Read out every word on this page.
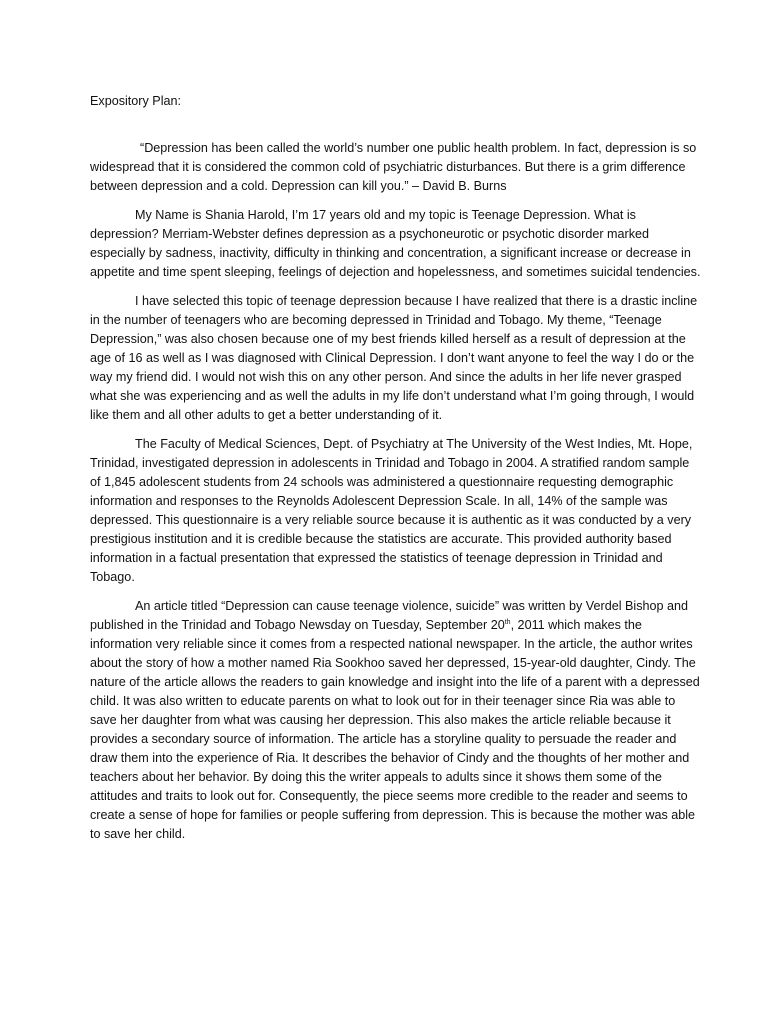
Expository Plan:

“Depression has been called the world’s number one public health problem. In fact, depression is so widespread that it is considered the common cold of psychiatric disturbances. But there is a grim difference between depression and a cold. Depression can kill you.” – David B. Burns

My Name is Shania Harold, I’m 17 years old and my topic is Teenage Depression. What is depression? Merriam-Webster defines depression as a psychoneurotic or psychotic disorder marked especially by sadness, inactivity, difficulty in thinking and concentration, a significant increase or decrease in appetite and time spent sleeping, feelings of dejection and hopelessness, and sometimes suicidal tendencies.

I have selected this topic of teenage depression because I have realized that there is a drastic incline in the number of teenagers who are becoming depressed in Trinidad and Tobago. My theme, “Teenage Depression,” was also chosen because one of my best friends killed herself as a result of depression at the age of 16 as well as I was diagnosed with Clinical Depression. I don’t want anyone to feel the way I do or the way my friend did. I would not wish this on any other person. And since the adults in her life never grasped what she was experiencing and as well the adults in my life don’t understand what I’m going through, I would like them and all other adults to get a better understanding of it.

The Faculty of Medical Sciences, Dept. of Psychiatry at The University of the West Indies, Mt. Hope, Trinidad, investigated depression in adolescents in Trinidad and Tobago in 2004. A stratified random sample of 1,845 adolescent students from 24 schools was administered a questionnaire requesting demographic information and responses to the Reynolds Adolescent Depression Scale. In all, 14% of the sample was depressed. This questionnaire is a very reliable source because it is authentic as it was conducted by a very prestigious institution and it is credible because the statistics are accurate. This provided authority based information in a factual presentation that expressed the statistics of teenage depression in Trinidad and Tobago.

An article titled “Depression can cause teenage violence, suicide” was written by Verdel Bishop and published in the Trinidad and Tobago Newsday on Tuesday, September 20th, 2011 which makes the information very reliable since it comes from a respected national newspaper. In the article, the author writes about the story of how a mother named Ria Sookhoo saved her depressed, 15-year-old daughter, Cindy. The nature of the article allows the readers to gain knowledge and insight into the life of a parent with a depressed child. It was also written to educate parents on what to look out for in their teenager since Ria was able to save her daughter from what was causing her depression. This also makes the article reliable because it provides a secondary source of information. The article has a storyline quality to persuade the reader and draw them into the experience of Ria. It describes the behavior of Cindy and the thoughts of her mother and teachers about her behavior. By doing this the writer appeals to adults since it shows them some of the attitudes and traits to look out for. Consequently, the piece seems more credible to the reader and seems to create a sense of hope for families or people suffering from depression. This is because the mother was able to save her child.
